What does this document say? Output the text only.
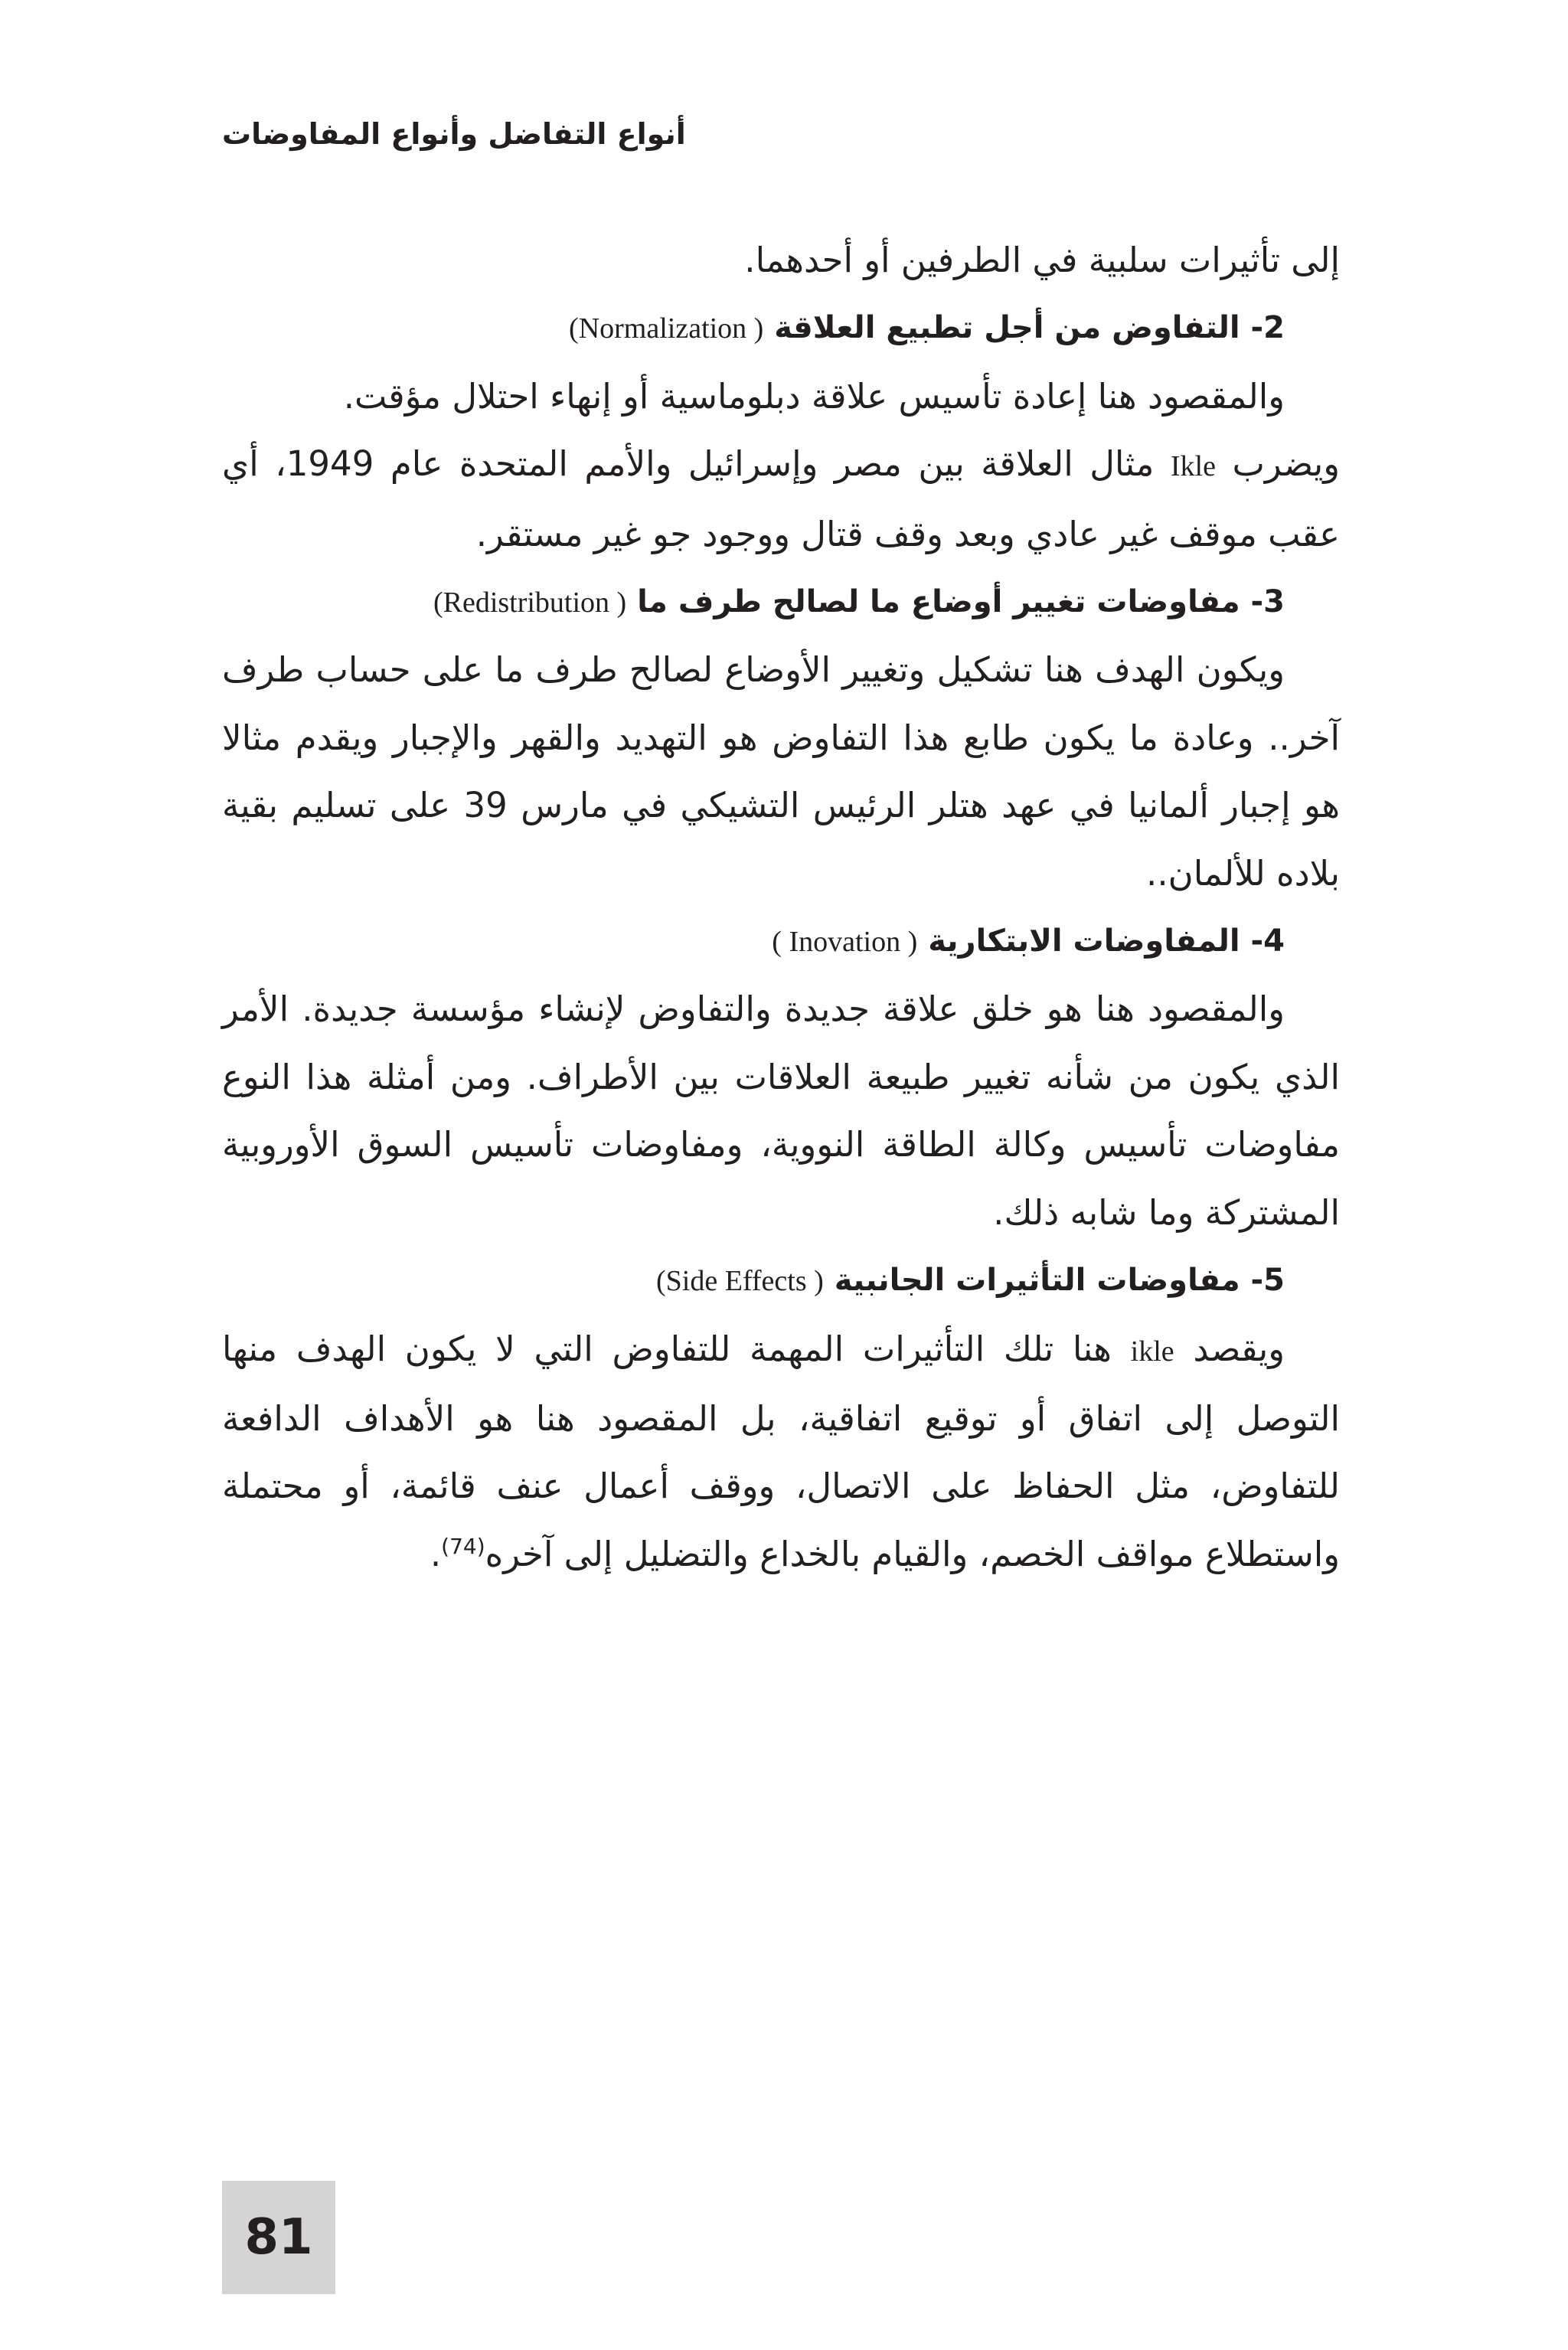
أنواع التفاضل وأنواع المفاوضات

إلى تأثيرات سلبية في الطرفين أو أحدهما.

2- التفاوض من أجل تطبيع العلاقة (Normalization )

والمقصود هنا إعادة تأسيس علاقة دبلوماسية أو إنهاء احتلال مؤقت.

ويضرب Ikle مثال العلاقة بين مصر وإسرائيل والأمم المتحدة عام 1949، أي عقب موقف غير عادي وبعد وقف قتال ووجود جو غير مستقر.

3- مفاوضات تغيير أوضاع ما لصالح طرف ما (Redistribution )

ويكون الهدف هنا تشكيل وتغيير الأوضاع لصالح طرف ما على حساب طرف آخر.. وعادة ما يكون طابع هذا التفاوض هو التهديد والقهر والإجبار ويقدم مثالا هو إجبار ألمانيا في عهد هتلر الرئيس التشيكي في مارس 39 على تسليم بقية بلاده للألمان..

4- المفاوضات الابتكارية ( Inovation )

والمقصود هنا هو خلق علاقة جديدة والتفاوض لإنشاء مؤسسة جديدة. الأمر الذي يكون من شأنه تغيير طبيعة العلاقات بين الأطراف. ومن أمثلة هذا النوع مفاوضات تأسيس وكالة الطاقة النووية، ومفاوضات تأسيس السوق الأوروبية المشتركة وما شابه ذلك.

5- مفاوضات التأثيرات الجانبية (Side Effects )

ويقصد ikle هنا تلك التأثيرات المهمة للتفاوض التي لا يكون الهدف منها التوصل إلى اتفاق أو توقيع اتفاقية، بل المقصود هنا هو الأهداف الدافعة للتفاوض، مثل الحفاظ على الاتصال، ووقف أعمال عنف قائمة، أو محتملة واستطلاع مواقف الخصم، والقيام بالخداع والتضليل إلى آخره$^{(74)}$.

81
